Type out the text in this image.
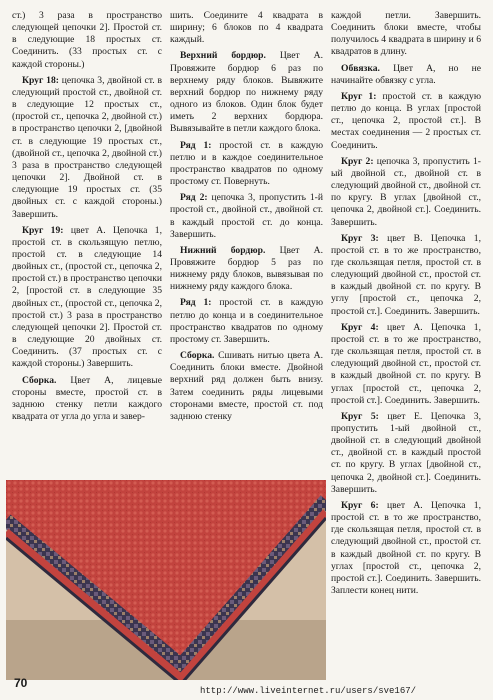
ст.) 3 раза в пространство следующей цепочки 2]. Простой ст. в следующие 18 простых ст. Соединить. (33 простых ст. с каждой стороны.)

Круг 18: цепочка 3, двойной ст. в следующий простой ст., двойной ст. в следующие 12 простых ст., (простой ст., цепочка 2, двойной ст.) в пространство цепочки 2, [двойной ст. в следующие 19 простых ст., (двойной ст., цепочка 2, двойной ст.) 3 раза в пространство следующей цепочки 2]. Двойной ст. в следующие 19 простых ст. (35 двойных ст. с каждой стороны.) Завершить.

Круг 19: цвет A. Цепочка 1, простой ст. в скользящую петлю, простой ст. в следующие 14 двойных ст., (простой ст., цепочка 2, простой ст.) в пространство цепочки 2, [простой ст. в следующие 35 двойных ст., (простой ст., цепочка 2, простой ст.) 3 раза в пространство следующей цепочки 2]. Простой ст. в следующие 20 двойных ст. Соединить. (37 простых ст. с каждой стороны.) Завершить.

Сборка. Цвет A, лицевые стороны вместе, простой ст. в заднюю стенку петли каждого квадрата от угла до угла и завер-

шить. Соедините 4 квадрата в ширину; 6 блоков по 4 квадрата каждый.

Верхний бордюр. Цвет A. Провяжите бордюр 6 раз по верхнему ряду блоков. Вывяжите верхний бордюр по нижнему ряду одного из блоков. Один блок будет иметь 2 верхних бордюра. Вывязывайте в петли каждого блока.

Ряд 1: простой ст. в каждую петлю и в каждое соединительное пространство квадратов по одному простому ст. Повернуть.

Ряд 2: цепочка 3, пропустить 1-й простой ст., двойной ст., двойной ст. в каждый простой ст. до конца. Завершить.

Нижний бордюр. Цвет A. Провяжите бордюр 5 раз по нижнему ряду блоков, вывязывая по нижнему ряду каждого блока.

Ряд 1: простой ст. в каждую петлю до конца и в соединительное пространство квадратов по одному простому ст. Завершить.

Сборка. Сшивать нитью цвета A. Соединить блоки вместе. Двойной верхний ряд должен быть внизу. Затем соединить ряды лицевыми сторонами вместе, простой ст. под заднюю стенку

каждой петли. Завершить. Соединить блоки вместе, чтобы получилось 4 квадрата в ширину и 6 квадратов в длину.

Обвязка. Цвет A, но не начинайте обвязку с угла.

Круг 1: простой ст. в каждую петлю до конца. В углах [простой ст., цепочка 2, простой ст.]. В местах соединения — 2 простых ст. Соединить.

Круг 2: цепочка 3, пропустить 1-ый двойной ст., двойной ст. в следующий двойной ст., двойной ст. по кругу. В углах [двойной ст., цепочка 2, двойной ст.]. Соединить. Завершить.

Круг 3: цвет B. Цепочка 1, простой ст. в то же пространство, где скользящая петля, простой ст. в следующий двойной ст., простой ст. в каждый двойной ст. по кругу. В углу [простой ст., цепочка 2, простой ст.]. Соединить. Завершить.

Круг 4: цвет A. Цепочка 1, простой ст. в то же пространство, где скользящая петля, простой ст. в следующий двойной ст., простой ст. в каждый двойной ст. по кругу. В углах [простой ст., цепочка 2, простой ст.]. Соединить. Завершить.

Круг 5: цвет E. Цепочка 3, пропустить 1-ый двойной ст., двойной ст. в следующий двойной ст., двойной ст. в каждый простой ст. по кругу. В углах [двойной ст., цепочка 2, двойной ст.]. Соединить. Завершить.

Круг 6: цвет A. Цепочка 1, простой ст. в то же пространство, где скользящая петля, простой ст. в следующий двойной ст., простой ст. в каждый двойной ст. по кругу. В углах [простой ст., цепочка 2, простой ст.]. Соединить. Завершить. Заплести конец нити.

70
http://www.liveinternet.ru/users/sve167/
